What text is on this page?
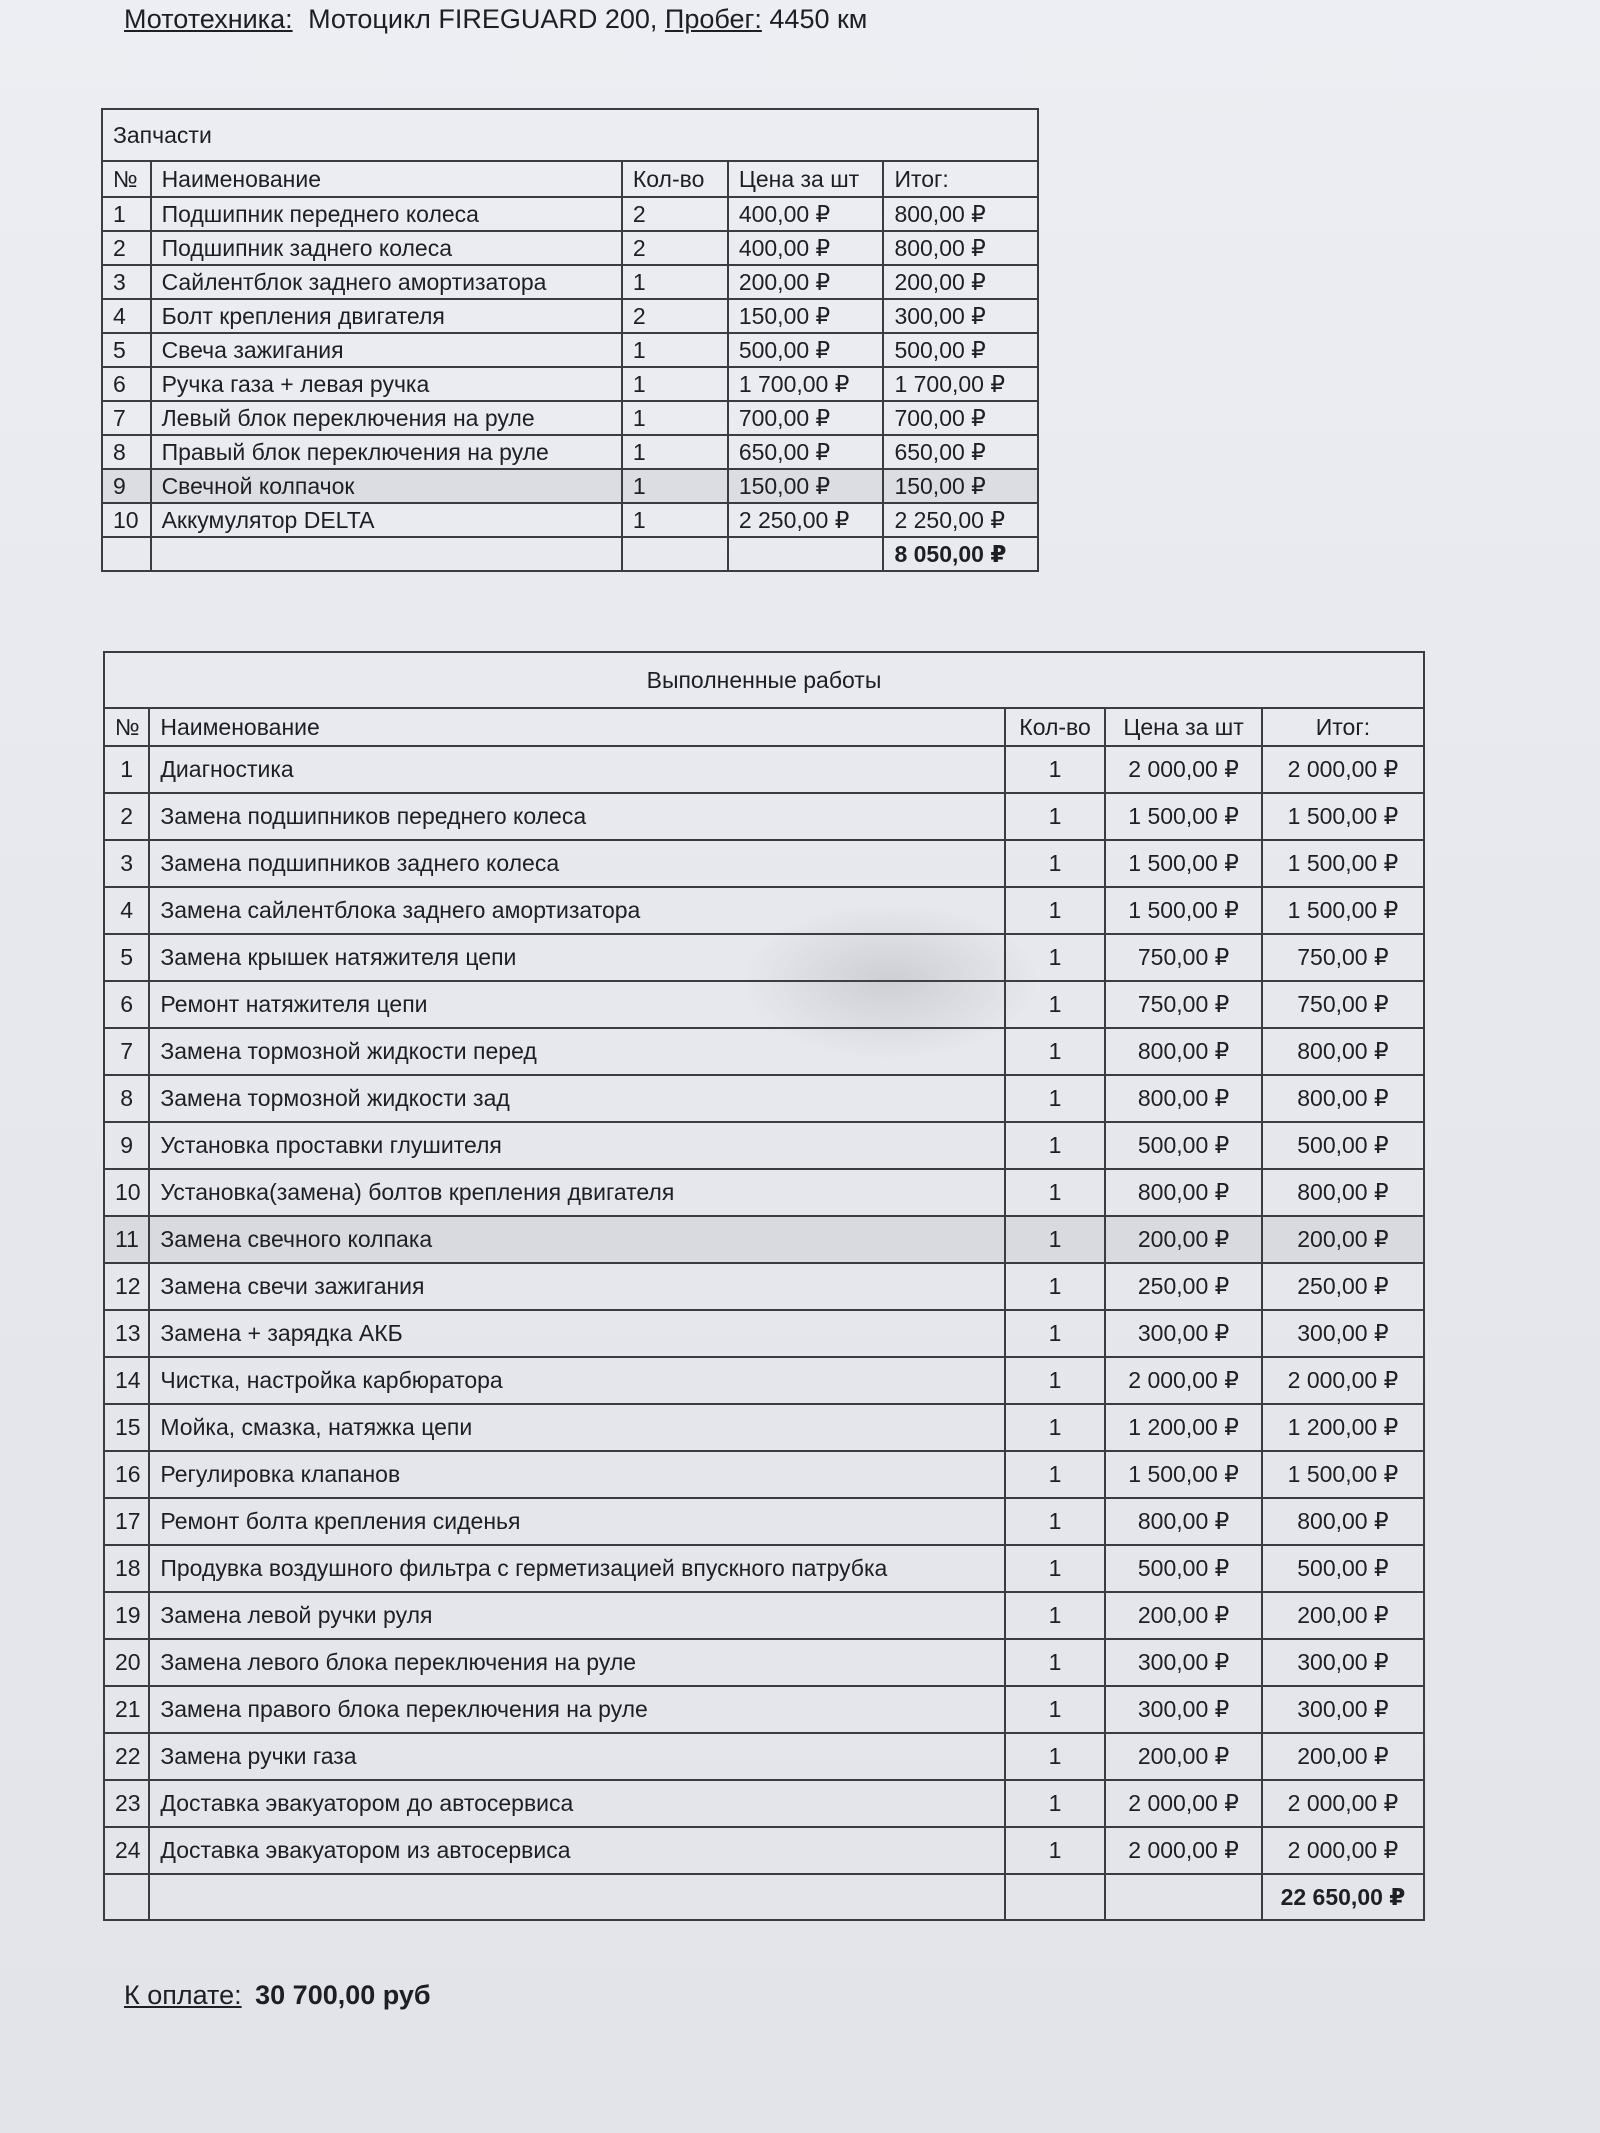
Мототехника: Мотоцикл FIREGUARD 200, Пробег: 4450 км
Запчасти				
№	Наименование	Кол-во	Цена за шт	Итог:
1	Подшипник переднего колеса	2	400,00 ₽	800,00 ₽
2	Подшипник заднего колеса	2	400,00 ₽	800,00 ₽
3	Сайлентблок заднего амортизатора	1	200,00 ₽	200,00 ₽
4	Болт крепления двигателя	2	150,00 ₽	300,00 ₽
5	Свеча зажигания	1	500,00 ₽	500,00 ₽
6	Ручка газа + левая ручка	1	1 700,00 ₽	1 700,00 ₽
7	Левый блок переключения на руле	1	700,00 ₽	700,00 ₽
8	Правый блок переключения на руле	1	650,00 ₽	650,00 ₽
9	Свечной колпачок	1	150,00 ₽	150,00 ₽
10	Аккумулятор DELTA	1	2 250,00 ₽	2 250,00 ₽
				8 050,00 ₽
Выполненные работы				
№	Наименование	Кол-во	Цена за шт	Итог:
1	Диагностика	1	2 000,00 ₽	2 000,00 ₽
2	Замена подшипников переднего колеса	1	1 500,00 ₽	1 500,00 ₽
3	Замена подшипников заднего колеса	1	1 500,00 ₽	1 500,00 ₽
4	Замена сайлентблока заднего амортизатора	1	1 500,00 ₽	1 500,00 ₽
5	Замена крышек натяжителя цепи	1	750,00 ₽	750,00 ₽
6	Ремонт натяжителя цепи	1	750,00 ₽	750,00 ₽
7	Замена тормозной жидкости перед	1	800,00 ₽	800,00 ₽
8	Замена тормозной жидкости зад	1	800,00 ₽	800,00 ₽
9	Установка проставки глушителя	1	500,00 ₽	500,00 ₽
10	Установка(замена) болтов крепления двигателя	1	800,00 ₽	800,00 ₽
11	Замена свечного колпака	1	200,00 ₽	200,00 ₽
12	Замена свечи зажигания	1	250,00 ₽	250,00 ₽
13	Замена + зарядка АКБ	1	300,00 ₽	300,00 ₽
14	Чистка, настройка карбюратора	1	2 000,00 ₽	2 000,00 ₽
15	Мойка, смазка, натяжка цепи	1	1 200,00 ₽	1 200,00 ₽
16	Регулировка клапанов	1	1 500,00 ₽	1 500,00 ₽
17	Ремонт болта крепления сиденья	1	800,00 ₽	800,00 ₽
18	Продувка воздушного фильтра с герметизацией впускного патрубка	1	500,00 ₽	500,00 ₽
19	Замена левой ручки руля	1	200,00 ₽	200,00 ₽
20	Замена левого блока переключения на руле	1	300,00 ₽	300,00 ₽
21	Замена правого блока переключения на руле	1	300,00 ₽	300,00 ₽
22	Замена ручки газа	1	200,00 ₽	200,00 ₽
23	Доставка эвакуатором до автосервиса	1	2 000,00 ₽	2 000,00 ₽
24	Доставка эвакуатором из автосервиса	1	2 000,00 ₽	2 000,00 ₽
				22 650,00 ₽
К оплате: 30 700,00 руб
